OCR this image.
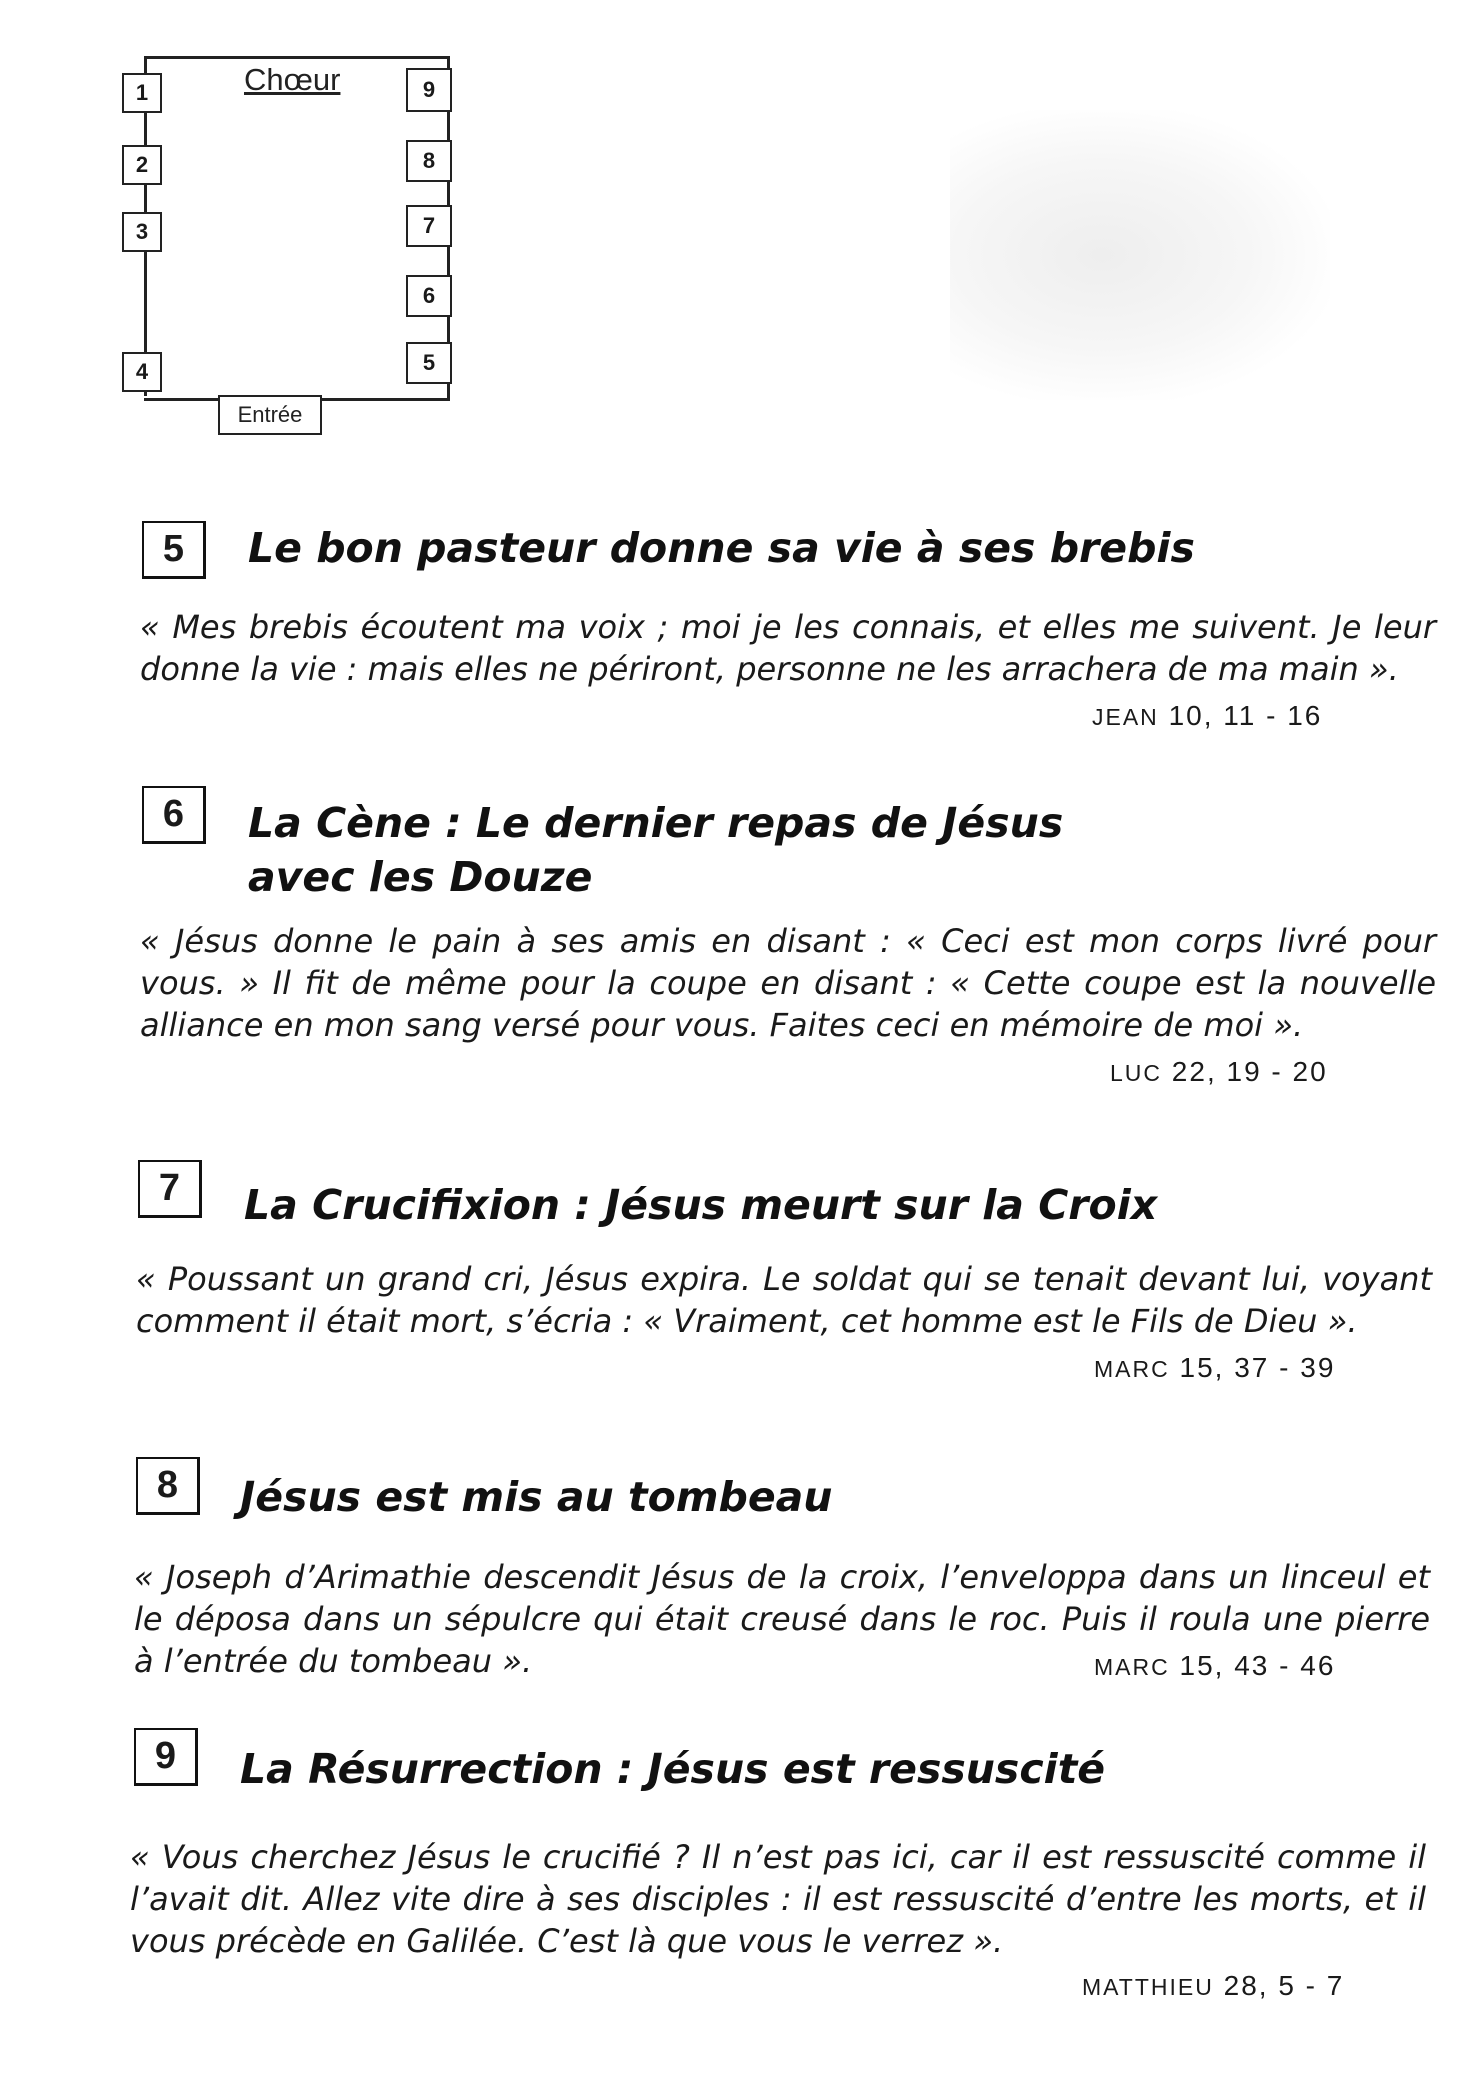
Chœur
1
2
3
4
9
8
7
6
5
Entrée
5	Le bon pasteur donne sa vie à ses brebis
« Mes brebis écoutent ma voix ; moi je les connais, et elles me suivent. Je leur donne la vie : mais elles ne périront, personne ne les arrachera de ma main ».
JEAN 10, 11 - 16
6	La Cène : Le dernier repas de Jésus
avec les Douze
« Jésus donne le pain à ses amis en disant : « Ceci est mon corps livré pour vous. » Il fit de même pour la coupe en disant : « Cette coupe est la nouvelle alliance en mon sang versé pour vous. Faites ceci en mémoire de moi ».
LUC 22, 19 - 20
7	La Crucifixion : Jésus meurt sur la Croix
« Poussant un grand cri, Jésus expira. Le soldat qui se tenait devant lui, voyant comment il était mort, s’écria : « Vraiment, cet homme est le Fils de Dieu ».
MARC 15, 37 - 39
8	Jésus est mis au tombeau
« Joseph d’Arimathie descendit Jésus de la croix, l’enveloppa dans un linceul et le déposa dans un sépulcre qui était creusé dans le roc. Puis il roula une pierre à l’entrée du tombeau ».	MARC 15, 43 - 46
9	La Résurrection : Jésus est ressuscité
« Vous cherchez Jésus le crucifié ? Il n’est pas ici, car il est ressuscité comme il l’avait dit. Allez vite dire à ses disciples : il est ressuscité d’entre les morts, et il vous précède en Galilée. C’est là que vous le verrez ».
MATTHIEU 28, 5 - 7
